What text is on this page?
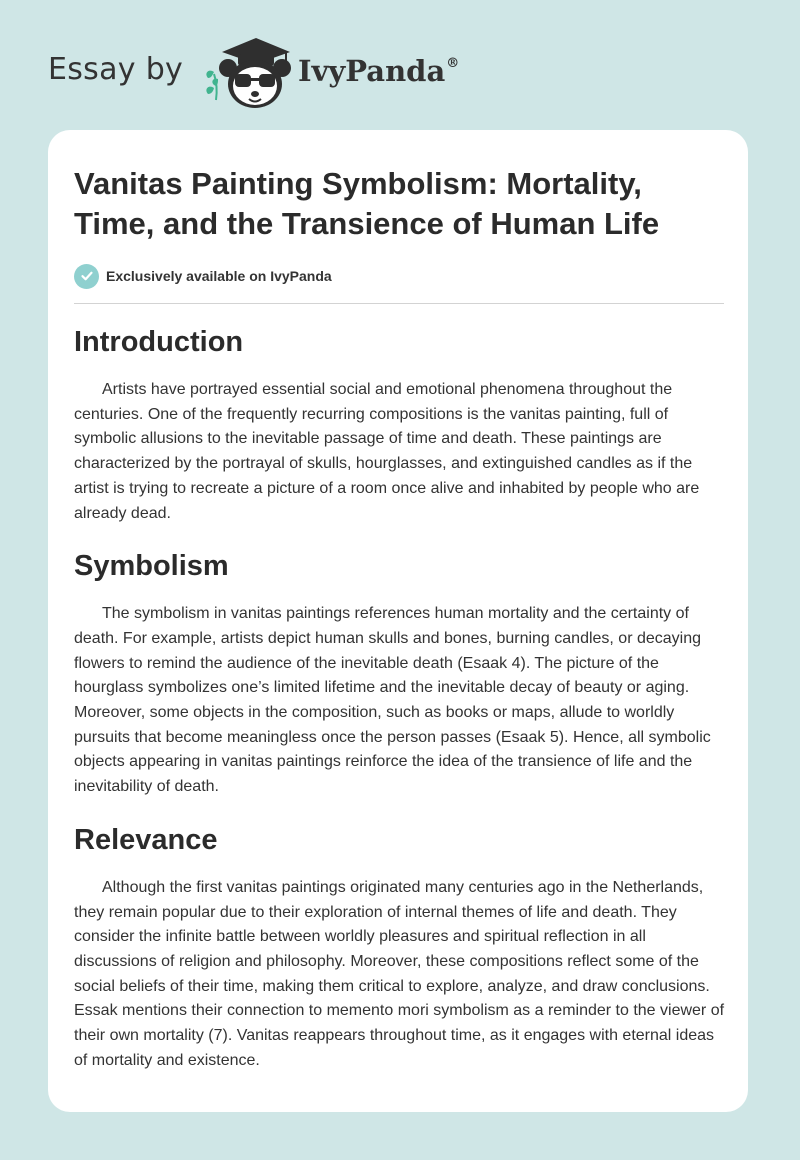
Essay by	IvyPanda®
Vanitas Painting Symbolism: Mortality, Time, and the Transience of Human Life
Exclusively available on IvyPanda
Introduction

Artists have portrayed essential social and emotional phenomena throughout the centuries. One of the frequently recurring compositions is the vanitas painting, full of symbolic allusions to the inevitable passage of time and death. These paintings are characterized by the portrayal of skulls, hourglasses, and extinguished candles as if the artist is trying to recreate a picture of a room once alive and inhabited by people who are already dead.

Symbolism

The symbolism in vanitas paintings references human mortality and the certainty of death. For example, artists depict human skulls and bones, burning candles, or decaying flowers to remind the audience of the inevitable death (Esaak 4). The picture of the hourglass symbolizes one’s limited lifetime and the inevitable decay of beauty or aging. Moreover, some objects in the composition, such as books or maps, allude to worldly pursuits that become meaningless once the person passes (Esaak 5). Hence, all symbolic objects appearing in vanitas paintings reinforce the idea of the transience of life and the inevitability of death.

Relevance

Although the first vanitas paintings originated many centuries ago in the Netherlands, they remain popular due to their exploration of internal themes of life and death. They consider the infinite battle between worldly pleasures and spiritual reflection in all discussions of religion and philosophy. Moreover, these compositions reflect some of the social beliefs of their time, making them critical to explore, analyze, and draw conclusions. Essak mentions their connection to memento mori symbolism as a reminder to the viewer of their own mortality (7). Vanitas reappears throughout time, as it engages with eternal ideas of mortality and existence.
